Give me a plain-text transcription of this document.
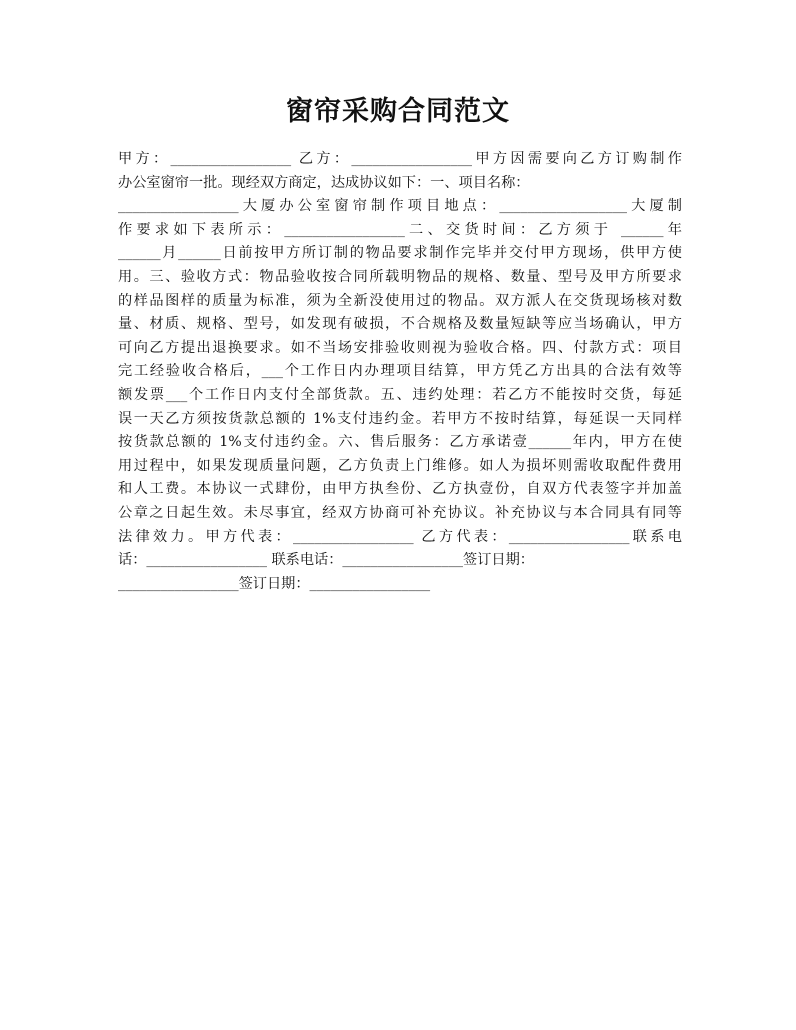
窗帘采购合同范文
甲方：_________________ 乙方：_________________甲方因需要向乙方订购制作
办公室窗帘一批。现经双方商定，达成协议如下：一、项目名称：
_________________大厦办公室窗帘制作项目地点：__________________大厦制
作要求如下表所示：_________________二、交货时间：乙方须于 ______年
______月______日前按甲方所订制的物品要求制作完毕并交付甲方现场，供甲方使
用。三、验收方式：物品验收按合同所载明物品的规格、数量、型号及甲方所要求
的样品图样的质量为标准，须为全新没使用过的物品。双方派人在交货现场核对数
量、材质、规格、型号，如发现有破损，不合规格及数量短缺等应当场确认，甲方
可向乙方提出退换要求。如不当场安排验收则视为验收合格。四、付款方式：项目
完工经验收合格后，___个工作日内办理项目结算，甲方凭乙方出具的合法有效等
额发票___个工作日内支付全部货款。五、违约处理：若乙方不能按时交货，每延
误一天乙方须按货款总额的 1%支付违约金。若甲方不按时结算，每延误一天同样
按货款总额的 1%支付违约金。六、售后服务：乙方承诺壹______年内，甲方在使
用过程中，如果发现质量问题，乙方负责上门维修。如人为损坏则需收取配件费用
和人工费。本协议一式肆份，由甲方执叁份、乙方执壹份，自双方代表签字并加盖
公章之日起生效。未尽事宜，经双方协商可补充协议。补充协议与本合同具有同等
法律效力。甲方代表：_________________ 乙方代表：_________________联系电
话：_________________ 联系电话：_________________签订日期：
_________________签订日期：_________________
